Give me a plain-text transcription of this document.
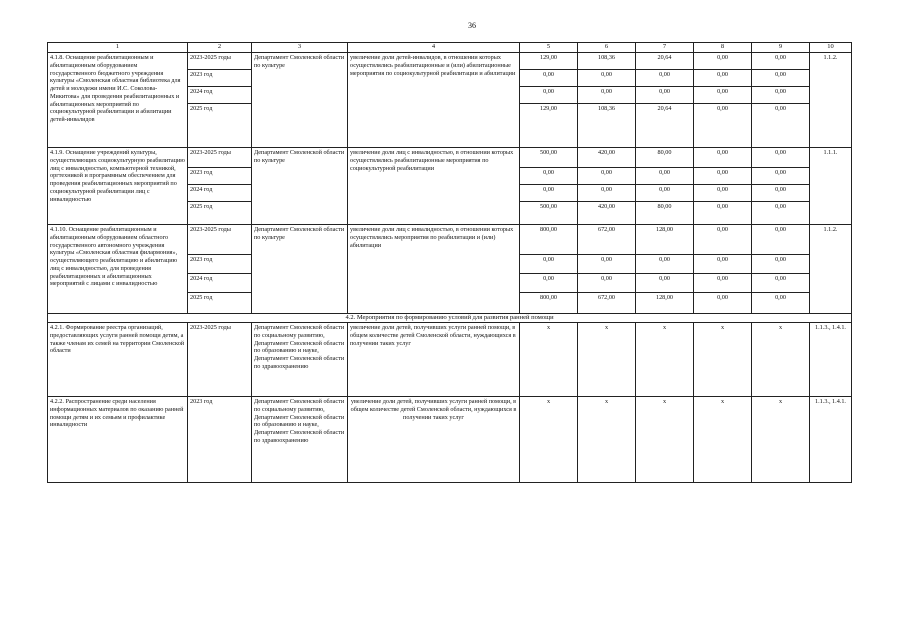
36
1	2	3	4	5	6	7	8	9	10
4.1.8. Оснащение реабилитационным и абилитационным оборудованием государственного бюджетного учреждения культуры «Смоленская областная библиотека для детей и молодежи имени И.С. Соколова-Микитова» для проведения реабилитационных и абилитационных мероприятий по социокультурной реабилитации и абилитации детей-инвалидов	2023-2025 годы	Департамент Смоленской области по культуре	увеличение доли детей-инвалидов, в отношении которых осуществлялись реабилитационные и (или) абилитационные мероприятия по социокультурной реабилитации и абилитации	129,00	108,36	20,64	0,00	0,00	1.1.2.
	2023 год			0,00	0,00	0,00	0,00	0,00	
	2024 год			0,00	0,00	0,00	0,00	0,00	
	2025 год			129,00	108,36	20,64	0,00	0,00	
4.1.9. Оснащение учреждений культуры, осуществляющих социокультурную реабилитацию лиц с инвалидностью, компьютерной техникой, оргтехникой и программным обеспечением для проведения реабилитационных мероприятий по социокультурной реабилитации лиц с инвалидностью	2023-2025 годы	Департамент Смоленской области по культуре	увеличение доли лиц с инвалидностью, в отношении которых осуществлялись реабилитационные мероприятия по социокультурной реабилитации	500,00	420,00	80,00	0,00	0,00	1.1.1.
	2023 год			0,00	0,00	0,00	0,00	0,00	
	2024 год			0,00	0,00	0,00	0,00	0,00	
	2025 год			500,00	420,00	80,00	0,00	0,00	
4.1.10. Оснащение реабилитационным и абилитационным оборудованием областного государственного автономного учреждения культуры «Смоленская областная филармония», осуществляющего реабилитацию и абилитацию лиц с инвалидностью, для проведения реабилитационных и абилитационных мероприятий с лицами с инвалидностью	2023-2025 годы	Департамент Смоленской области по культуре	увеличение доли лиц с инвалидностью, в отношении которых осуществлялись мероприятия по реабилитации и (или) абилитации	800,00	672,00	128,00	0,00	0,00	1.1.2.
	2023 год			0,00	0,00	0,00	0,00	0,00	
	2024 год			0,00	0,00	0,00	0,00	0,00	
	2025 год			800,00	672,00	128,00	0,00	0,00	
4.2. Мероприятия по формированию условий для развития ранней помощи									
4.2.1. Формирование реестра организаций, предоставляющих услуги ранней помощи детям, а также членам их семей на территории Смоленской области	2023-2025 годы	Департамент Смоленской области по социальному развитию, Департамент Смоленской области по образованию и науке, Департамент Смоленской области по здравоохранению	увеличение доли детей, получивших услуги ранней помощи, в общем количестве детей Смоленской области, нуждающихся в получении таких услуг	x	x	x	x	x	1.1.3., 1.4.1.
4.2.2. Распространение среди населения информационных материалов по оказанию ранней помощи детям и их семьям и профилактике инвалидности	2023 год	Департамент Смоленской области по социальному развитию, Департамент Смоленской области по образованию и науке, Департамент Смоленской области по здравоохранению	увеличение доли детей, получивших услуги ранней помощи, в общем количестве детей Смоленской области, нуждающихся в получении таких услуг	x	x	x	x	x	1.1.3., 1.4.1.
